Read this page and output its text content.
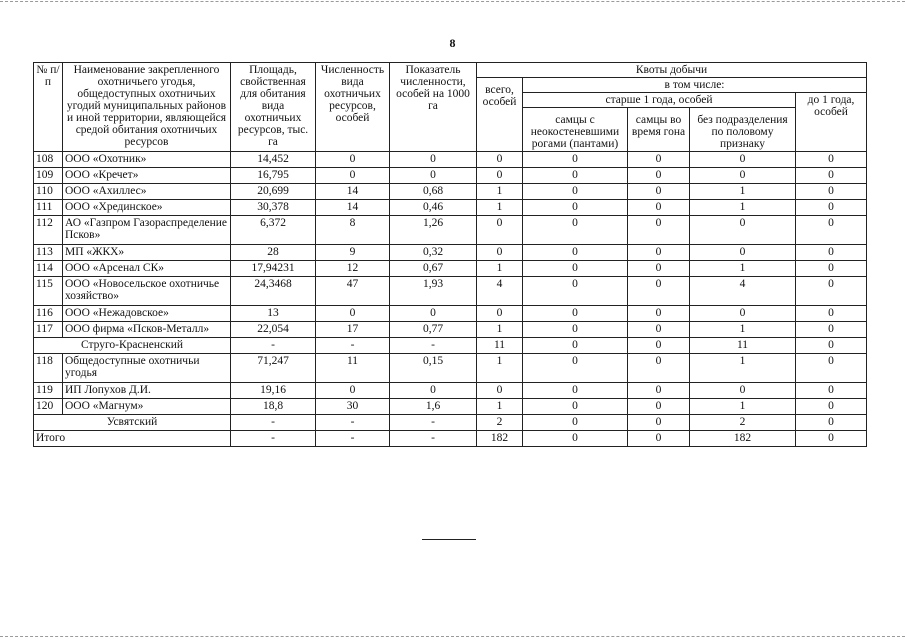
8
№ п/п	Наименование закрепленного охотничьего угодья, общедоступных охотничьих угодий муниципальных районов и иной территории, являющейся средой обитания охотничьих ресурсов	Площадь, свойственная для обитания вида охотничьих ресурсов, тыс. га	Численность вида охотничьих ресурсов, особей	Показатель численности, особей на 1000 га	Квоты добычи				
					всего, особей	в том числе:			
						старше 1 года, особей			до 1 года, особей
						самцы с неокостеневшими рогами (пантами)	самцы во время гона	без подразделения по половому признаку	
108	ООО «Охотник»	14,452	0	0	0	0	0	0	0
109	ООО «Кречет»	16,795	0	0	0	0	0	0	0
110	ООО «Ахиллес»	20,699	14	0,68	1	0	0	1	0
111	ООО «Хрединское»	30,378	14	0,46	1	0	0	1	0
112	АО «Газпром Газораспределение Псков»	6,372	8	1,26	0	0	0	0	0
113	МП «ЖКХ»	28	9	0,32	0	0	0	0	0
114	ООО «Арсенал СК»	17,94231	12	0,67	1	0	0	1	0
115	ООО «Новосельское охотничье хозяйство»	24,3468	47	1,93	4	0	0	4	0
116	ООО «Нежадовское»	13	0	0	0	0	0	0	0
117	ООО фирма «Псков-Металл»	22,054	17	0,77	1	0	0	1	0
Струго-Красненский		-	-	-	11	0	0	11	0
118	Общедоступные охотничьи угодья	71,247	11	0,15	1	0	0	1	0
119	ИП Лопухов Д.И.	19,16	0	0	0	0	0	0	0
120	ООО «Магнум»	18,8	30	1,6	1	0	0	1	0
Усвятский		-	-	-	2	0	0	2	0
Итого		-	-	-	182	0	0	182	0
